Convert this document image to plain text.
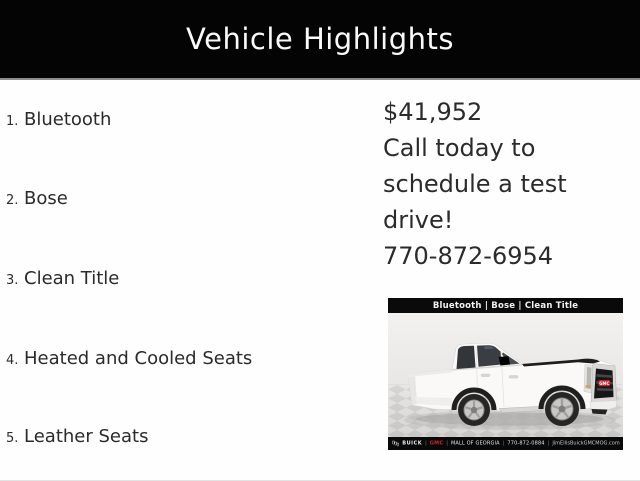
Vehicle Highlights
1. Bluetooth
2. Bose
3. Clean Title
4. Heated and Cooled Seats
5. Leather Seats
$41,952
Call today to
schedule a test
drive!
770-872-6954
Bluetooth | Bose | Clean Title
GMC
BUICK | GMC | MALL OF GEORGIA | 770-872-0884 | JimEllisBuickGMCMOG.com
